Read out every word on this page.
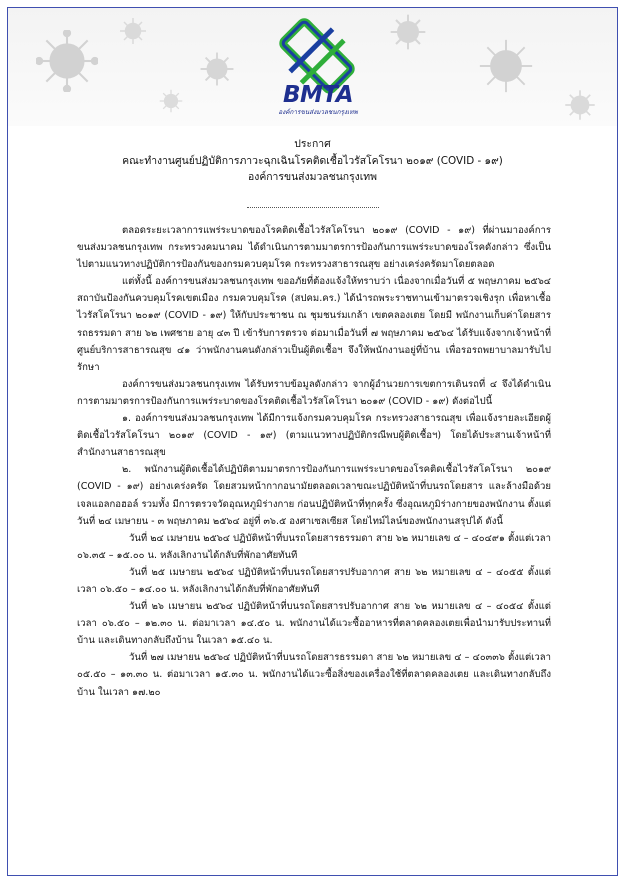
BMTA
องค์การขนส่งมวลชนกรุงเทพ
ประกาศ
คณะทำงานศูนย์ปฏิบัติการภาวะฉุกเฉินโรคติดเชื้อไวรัสโคโรนา ๒๐๑๙ (COVID - ๑๙)
องค์การขนส่งมวลชนกรุงเทพ

ตลอดระยะเวลาการแพร่ระบาดของโรคติดเชื้อไวรัสโคโรนา ๒๐๑๙ (COVID - ๑๙) ที่ผ่านมาองค์การขนส่งมวลชนกรุงเทพ กระทรวงคมนาคม ได้ดำเนินการตามมาตรการป้องกันการแพร่ระบาดของโรคดังกล่าว ซึ่งเป็นไปตามแนวทางปฏิบัติการป้องกันของกรมควบคุมโรค กระทรวงสาธารณสุข อย่างเคร่งครัดมาโดยตลอด

แต่ทั้งนี้ องค์การขนส่งมวลชนกรุงเทพ ขออภัยที่ต้องแจ้งให้ทราบว่า เนื่องจากเมื่อวันที่ ๕ พฤษภาคม ๒๕๖๔ สถาบันป้องกันควบคุมโรคเขตเมือง กรมควบคุมโรค (สปคม.คร.) ได้นำรถพระราชทานเข้ามาตรวจเชิงรุก เพื่อหาเชื้อไวรัสโคโรนา ๒๐๑๙ (COVID - ๑๙) ให้กับประชาชน ณ ชุมชนร่มเกล้า เขตคลองเตย โดยมี พนักงานเก็บค่าโดยสารรถธรรมดา สาย ๖๒ เพศชาย อายุ ๔๓ ปี เข้ารับการตรวจ ต่อมาเมื่อวันที่ ๗ พฤษภาคม ๒๕๖๔ ได้รับแจ้งจากเจ้าหน้าที่ศูนย์บริการสาธารณสุข ๔๑ ว่าพนักงานคนดังกล่าวเป็นผู้ติดเชื้อฯ จึงให้พนักงานอยู่ที่บ้าน เพื่อรอรถพยาบาลมารับไปรักษา

องค์การขนส่งมวลชนกรุงเทพ ได้รับทราบข้อมูลดังกล่าว จากผู้อำนวยการเขตการเดินรถที่ ๔ จึงได้ดำเนินการตามมาตรการป้องกันการแพร่ระบาดของโรคติดเชื้อไวรัสโคโรนา ๒๐๑๙ (COVID - ๑๙) ดังต่อไปนี้

๑. องค์การขนส่งมวลชนกรุงเทพ ได้มีการแจ้งกรมควบคุมโรค กระทรวงสาธารณสุข เพื่อแจ้งรายละเอียดผู้ติดเชื้อไวรัสโคโรนา ๒๐๑๙ (COVID - ๑๙) (ตามแนวทางปฏิบัติกรณีพบผู้ติดเชื้อฯ) โดยได้ประสานเจ้าหน้าที่สำนักงานสาธารณสุข

๒. พนักงานผู้ติดเชื้อได้ปฏิบัติตามมาตรการป้องกันการแพร่ระบาดของโรคติดเชื้อไวรัสโคโรนา ๒๐๑๙ (COVID - ๑๙) อย่างเคร่งครัด โดยสวมหน้ากากอนามัยตลอดเวลาขณะปฏิบัติหน้าที่บนรถโดยสาร และล้างมือด้วยเจลแอลกอฮอล์ รวมทั้ง มีการตรวจวัดอุณหภูมิร่างกาย ก่อนปฏิบัติหน้าที่ทุกครั้ง ซึ่งอุณหภูมิร่างกายของพนักงาน ตั้งแต่วันที่ ๒๔ เมษายน - ๓ พฤษภาคม ๒๕๖๔ อยู่ที่ ๓๖.๕ องศาเซลเซียส โดยไทม์ไลน์ของพนักงานสรุปได้ ดังนี้

วันที่ ๒๔ เมษายน ๒๕๖๔ ปฏิบัติหน้าที่บนรถโดยสารธรรมดา สาย ๖๒ หมายเลข ๔ – ๔๐๔๙๑ ตั้งแต่เวลา ๐๖.๓๕ – ๑๕.๐๐ น. หลังเลิกงานได้กลับที่พักอาศัยทันที

วันที่ ๒๕ เมษายน ๒๕๖๔ ปฏิบัติหน้าที่บนรถโดยสารปรับอากาศ สาย ๖๒ หมายเลข ๔ – ๔๐๕๕ ตั้งแต่เวลา ๐๖.๕๐ – ๑๔.๐๐ น. หลังเลิกงานได้กลับที่พักอาศัยทันที

วันที่ ๒๖ เมษายน ๒๕๖๔ ปฏิบัติหน้าที่บนรถโดยสารปรับอากาศ สาย ๖๒ หมายเลข ๔ – ๔๐๕๔ ตั้งแต่เวลา ๐๖.๕๐ – ๑๒.๓๐ น. ต่อมาเวลา ๑๔.๕๐ น. พนักงานได้แวะซื้ออาหารที่ตลาดคลองเตยเพื่อนำมารับประทานที่บ้าน และเดินทางกลับถึงบ้าน ในเวลา ๑๕.๔๐ น.

วันที่ ๒๗ เมษายน ๒๕๖๔ ปฏิบัติหน้าที่บนรถโดยสารธรรมดา สาย ๖๒ หมายเลข ๔ – ๔๐๓๓๖ ตั้งแต่เวลา ๐๕.๕๐ – ๑๓.๓๐ น. ต่อมาเวลา ๑๕.๓๐ น. พนักงานได้แวะซื้อสิ่งของเครื่องใช้ที่ตลาดคลองเตย และเดินทางกลับถึงบ้าน ในเวลา ๑๗.๒๐
